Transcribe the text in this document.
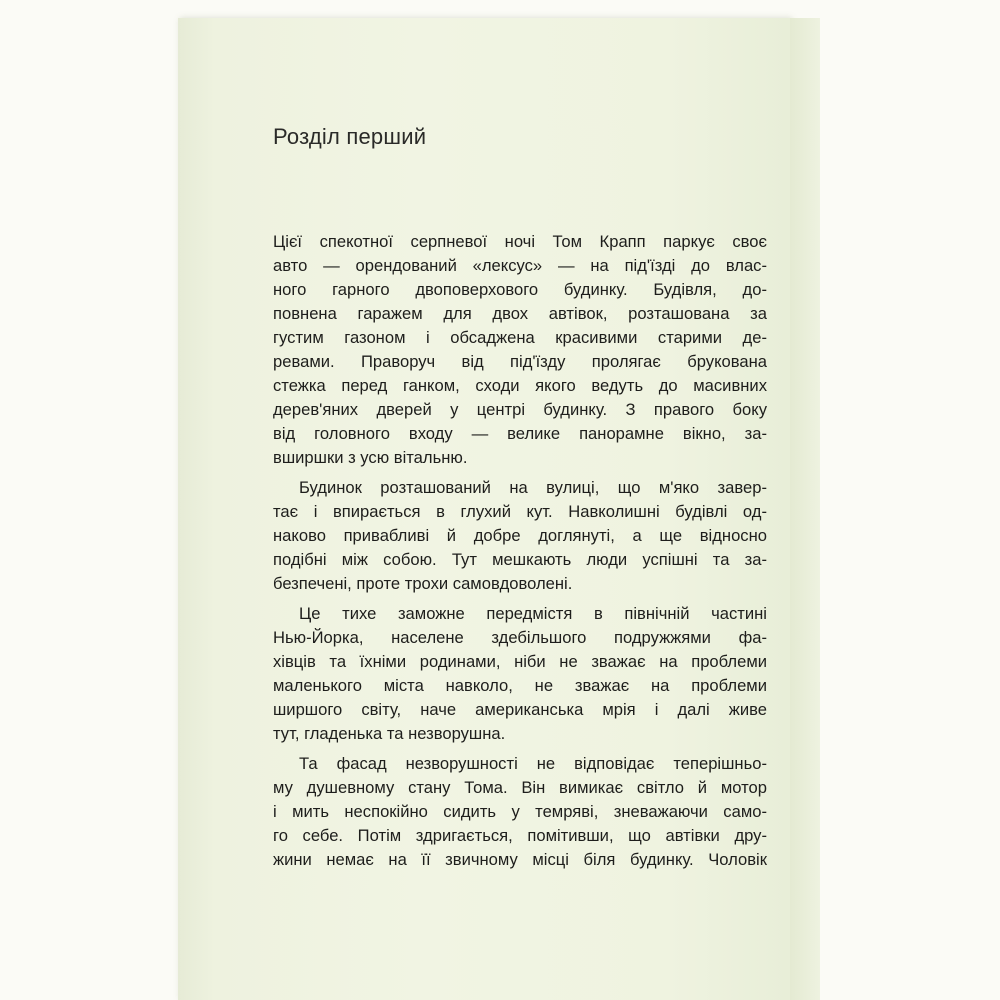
Розділ перший
Цієї спекотної серпневої ночі Том Крапп паркує своє
авто — орендований «лексус» — на під'їзді до влас-
ного гарного двоповерхового будинку. Будівля, до-
повнена гаражем для двох автівок, розташована за
густим газоном і обсаджена красивими старими де-
ревами. Праворуч від під'їзду пролягає брукована
стежка перед ганком, сходи якого ведуть до масивних
дерев'яних дверей у центрі будинку. З правого боку
від головного входу — велике панорамне вікно, за-
вширшки з усю вітальню.
Будинок розташований на вулиці, що м'яко завер-
тає і впирається в глухий кут. Навколишні будівлі од-
наково привабливі й добре доглянуті, а ще відносно
подібні між собою. Тут мешкають люди успішні та за-
безпечені, проте трохи самовдоволені.
Це тихе заможне передмістя в північній частині
Нью-Йорка, населене здебільшого подружжями фа-
хівців та їхніми родинами, ніби не зважає на проблеми
маленького міста навколо, не зважає на проблеми
ширшого світу, наче американська мрія і далі живе
тут, гладенька та незворушна.
Та фасад незворушності не відповідає теперішньо-
му душевному стану Тома. Він вимикає світло й мотор
і мить неспокійно сидить у темряві, зневажаючи само-
го себе. Потім здригається, помітивши, що автівки дру-
жини немає на її звичному місці біля будинку. Чоловік
